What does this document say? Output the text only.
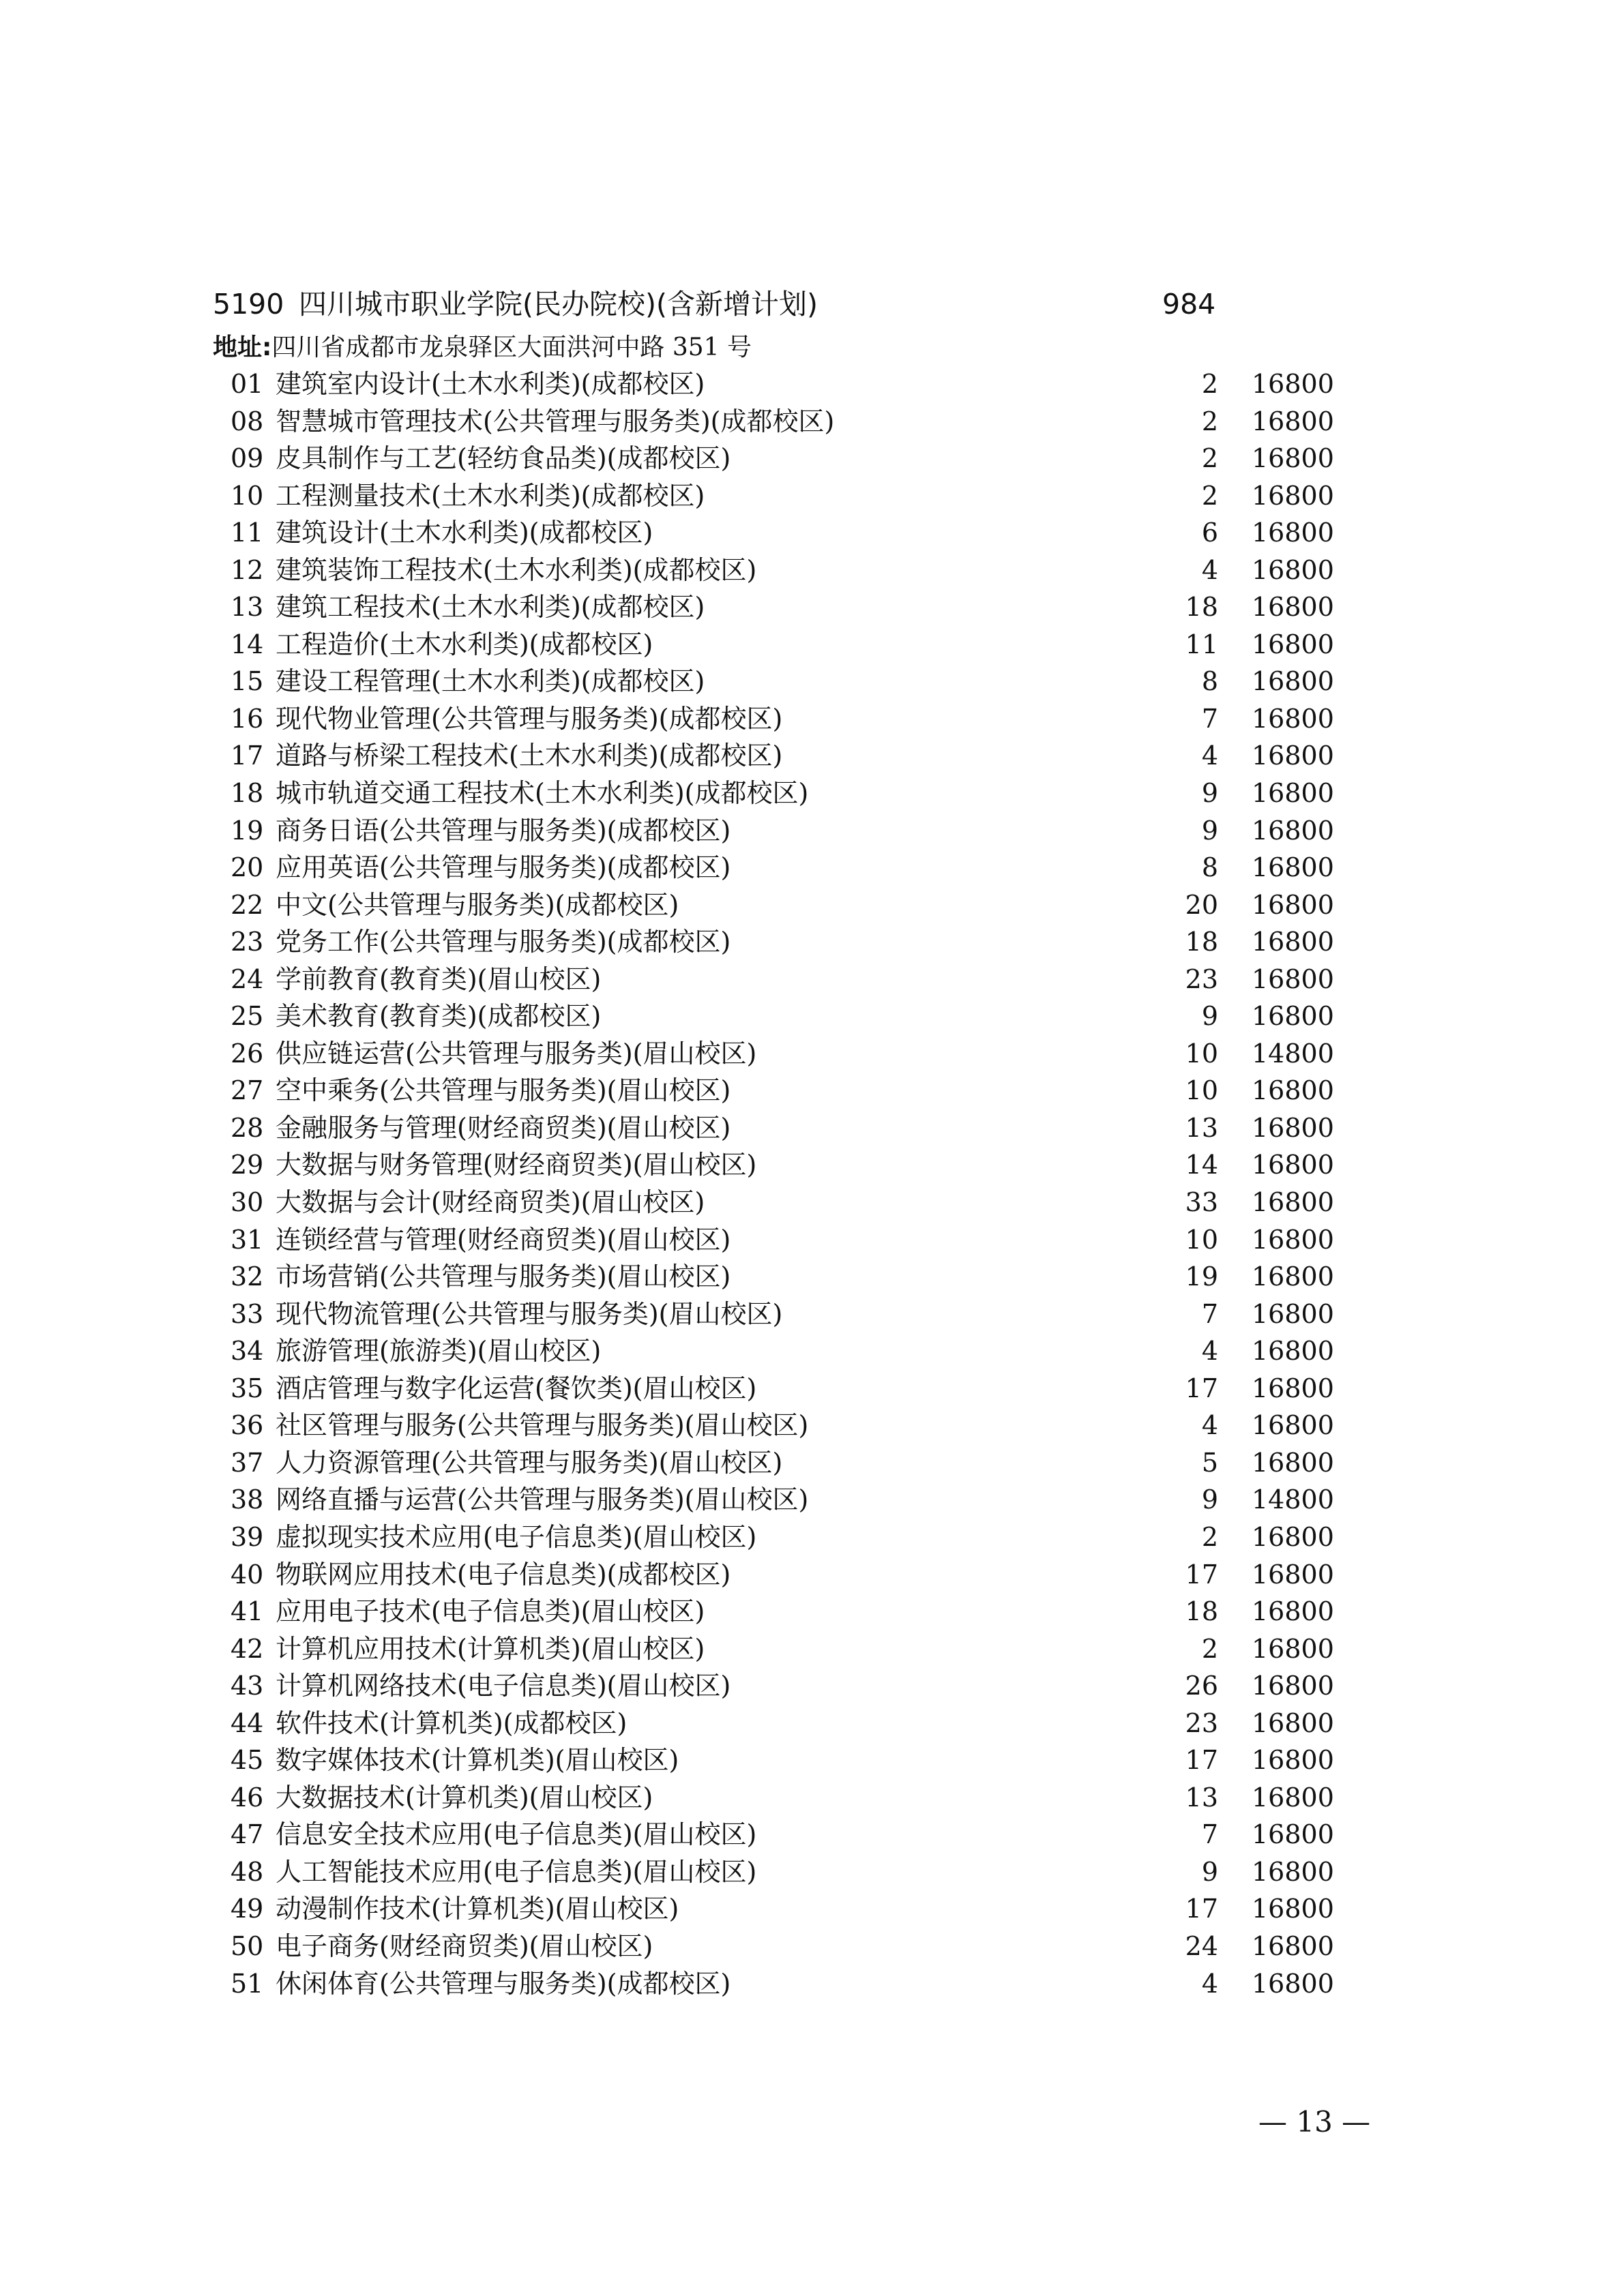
5190 四川城市职业学院(民办院校)(含新增计划)	984
地址:四川省成都市龙泉驿区大面洪河中路 351 号
01 建筑室内设计(土木水利类)(成都校区)	2 16800
08 智慧城市管理技术(公共管理与服务类)(成都校区)	2 16800
09 皮具制作与工艺(轻纺食品类)(成都校区)	2 16800
10 工程测量技术(土木水利类)(成都校区)	2 16800
11 建筑设计(土木水利类)(成都校区)	6 16800
12 建筑装饰工程技术(土木水利类)(成都校区)	4 16800
13 建筑工程技术(土木水利类)(成都校区)	18 16800
14 工程造价(土木水利类)(成都校区)	11 16800
15 建设工程管理(土木水利类)(成都校区)	8 16800
16 现代物业管理(公共管理与服务类)(成都校区)	7 16800
17 道路与桥梁工程技术(土木水利类)(成都校区)	4 16800
18 城市轨道交通工程技术(土木水利类)(成都校区)	9 16800
19 商务日语(公共管理与服务类)(成都校区)	9 16800
20 应用英语(公共管理与服务类)(成都校区)	8 16800
22 中文(公共管理与服务类)(成都校区)	20 16800
23 党务工作(公共管理与服务类)(成都校区)	18 16800
24 学前教育(教育类)(眉山校区)	23 16800
25 美术教育(教育类)(成都校区)	9 16800
26 供应链运营(公共管理与服务类)(眉山校区)	10 14800
27 空中乘务(公共管理与服务类)(眉山校区)	10 16800
28 金融服务与管理(财经商贸类)(眉山校区)	13 16800
29 大数据与财务管理(财经商贸类)(眉山校区)	14 16800
30 大数据与会计(财经商贸类)(眉山校区)	33 16800
31 连锁经营与管理(财经商贸类)(眉山校区)	10 16800
32 市场营销(公共管理与服务类)(眉山校区)	19 16800
33 现代物流管理(公共管理与服务类)(眉山校区)	7 16800
34 旅游管理(旅游类)(眉山校区)	4 16800
35 酒店管理与数字化运营(餐饮类)(眉山校区)	17 16800
36 社区管理与服务(公共管理与服务类)(眉山校区)	4 16800
37 人力资源管理(公共管理与服务类)(眉山校区)	5 16800
38 网络直播与运营(公共管理与服务类)(眉山校区)	9 14800
39 虚拟现实技术应用(电子信息类)(眉山校区)	2 16800
40 物联网应用技术(电子信息类)(成都校区)	17 16800
41 应用电子技术(电子信息类)(眉山校区)	18 16800
42 计算机应用技术(计算机类)(眉山校区)	2 16800
43 计算机网络技术(电子信息类)(眉山校区)	26 16800
44 软件技术(计算机类)(成都校区)	23 16800
45 数字媒体技术(计算机类)(眉山校区)	17 16800
46 大数据技术(计算机类)(眉山校区)	13 16800
47 信息安全技术应用(电子信息类)(眉山校区)	7 16800
48 人工智能技术应用(电子信息类)(眉山校区)	9 16800
49 动漫制作技术(计算机类)(眉山校区)	17 16800
50 电子商务(财经商贸类)(眉山校区)	24 16800
51 休闲体育(公共管理与服务类)(成都校区)	4 16800
— 13 —
